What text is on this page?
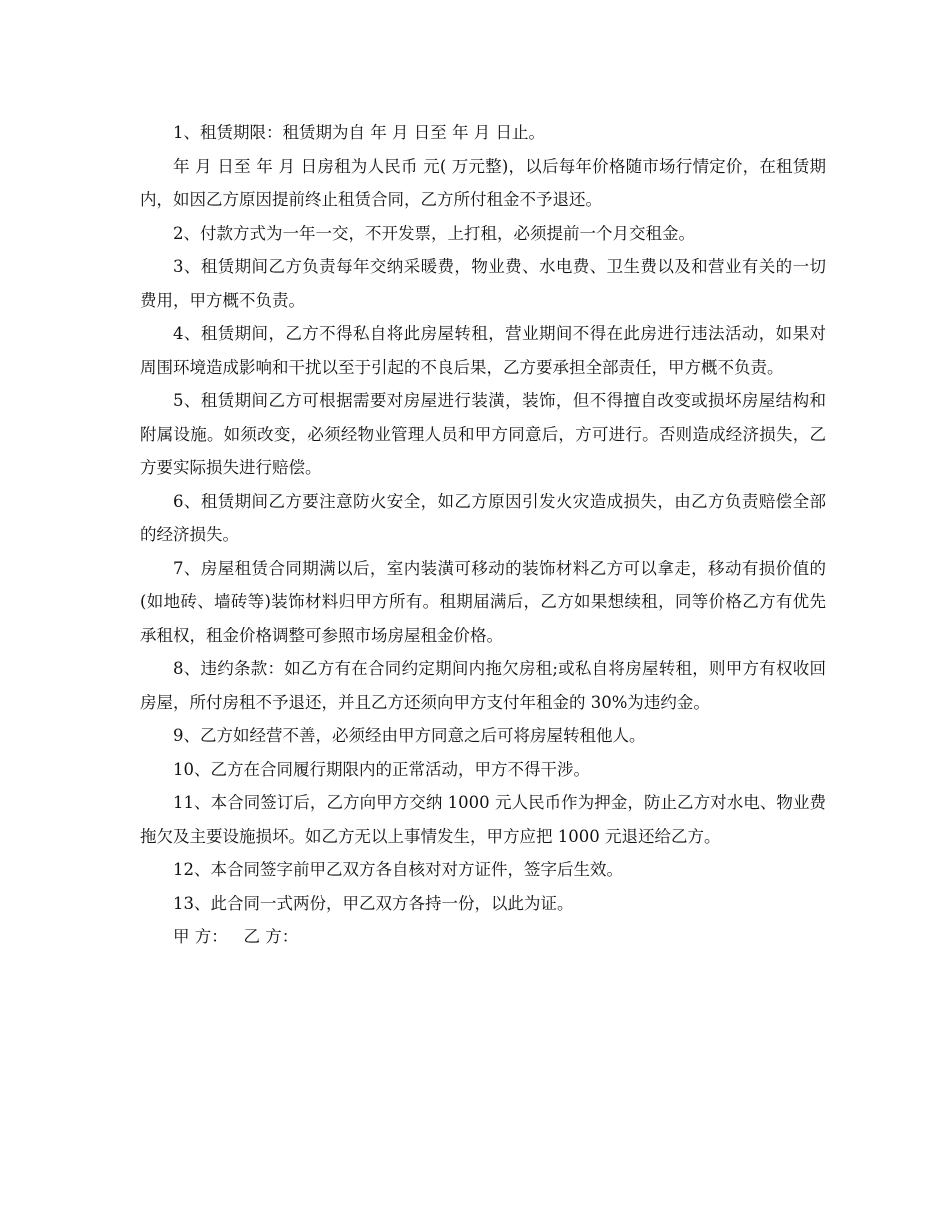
1、租赁期限：租赁期为自 年 月 日至 年 月 日止。

年 月 日至 年 月 日房租为人民币 元( 万元整)，以后每年价格随市场行情定价，在租赁期内，如因乙方原因提前终止租赁合同，乙方所付租金不予退还。

2、付款方式为一年一交，不开发票，上打租，必须提前一个月交租金。

3、租赁期间乙方负责每年交纳采暖费，物业费、水电费、卫生费以及和营业有关的一切费用，甲方概不负责。

4、租赁期间，乙方不得私自将此房屋转租，营业期间不得在此房进行违法活动，如果对周围环境造成影响和干扰以至于引起的不良后果，乙方要承担全部责任，甲方概不负责。

5、租赁期间乙方可根据需要对房屋进行装潢，装饰，但不得擅自改变或损坏房屋结构和附属设施。如须改变，必须经物业管理人员和甲方同意后，方可进行。否则造成经济损失，乙方要实际损失进行赔偿。

6、租赁期间乙方要注意防火安全，如乙方原因引发火灾造成损失，由乙方负责赔偿全部的经济损失。

7、房屋租赁合同期满以后，室内装潢可移动的装饰材料乙方可以拿走，移动有损价值的(如地砖、墙砖等)装饰材料归甲方所有。租期届满后，乙方如果想续租，同等价格乙方有优先承租权，租金价格调整可参照市场房屋租金价格。

8、违约条款：如乙方有在合同约定期间内拖欠房租;或私自将房屋转租，则甲方有权收回房屋，所付房租不予退还，并且乙方还须向甲方支付年租金的 30%为违约金。

9、乙方如经营不善，必须经由甲方同意之后可将房屋转租他人。

10、乙方在合同履行期限内的正常活动，甲方不得干涉。

11、本合同签订后，乙方向甲方交纳 1000 元人民币作为押金，防止乙方对水电、物业费拖欠及主要设施损坏。如乙方无以上事情发生，甲方应把 1000 元退还给乙方。

12、本合同签字前甲乙双方各自核对对方证件，签字后生效。

13、此合同一式两份，甲乙双方各持一份，以此为证。

甲 方： 乙 方：
